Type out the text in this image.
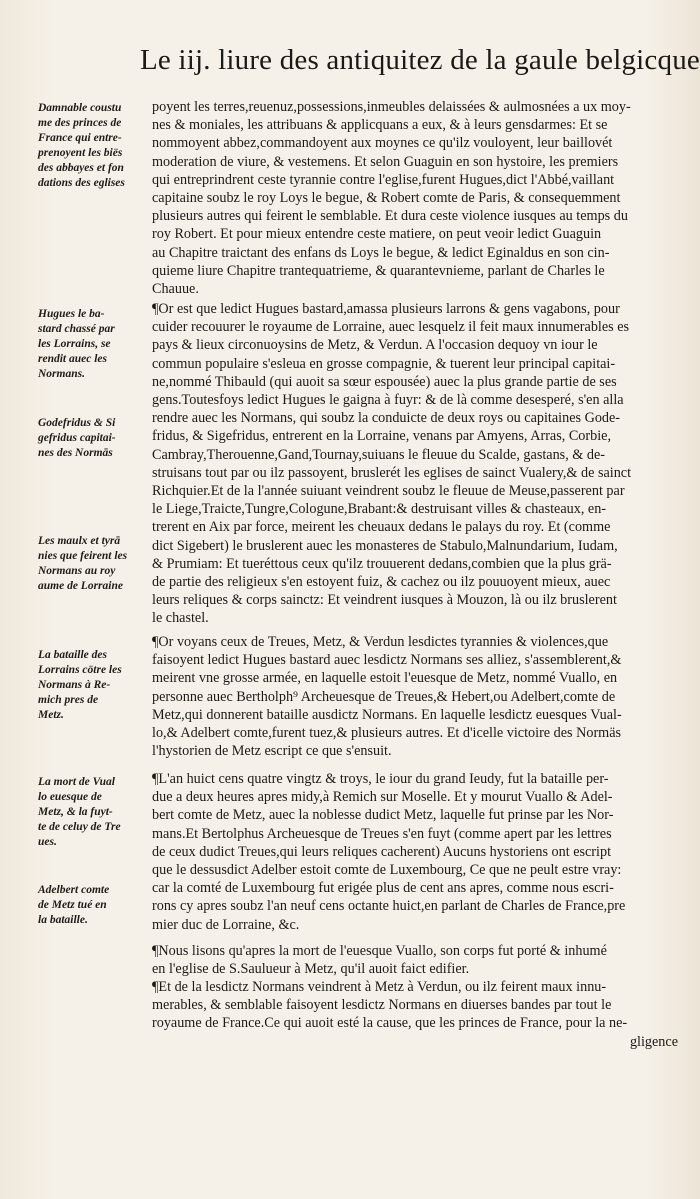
Le iij. liure des antiquitez de la gaule belgicque
Damnable coustu
me des princes de
France qui entre-
prenoyent les biës
des abbayes et fon
dations des eglises
Hugues le ba-
stard chassé par
les Lorrains, se
rendit auec les
Normans.
Godefridus & Si
gefridus capitai-
nes des Normās
Les maulx et tyrā
nies que feirent les
Normans au roy
aume de Lorraine
La bataille des
Lorrains cötre les
Normans à Re-
mich pres de
Metz.
La mort de Vual
lo euesque de
Metz, & la fuyt-
te de celuy de Tre
ues.
Adelbert comte
de Metz tué en
la bataille.
poyent les terres,reuenuz,possessions,inmeubles delaissées & aulmosnées a ux moy-
nes & moniales, les attribuans & applicquans a eux, & à leurs gensdarmes: Et se
nommoyent abbez,commandoyent aux moynes ce qu'ilz vouloyent, leur baillovét
moderation de viure, & vestemens. Et selon Guaguin en son hystoire, les premiers
qui entreprindrent ceste tyrannie contre l'eglise,furent Hugues,dict l'Abbé,vaillant
capitaine soubz le roy Loys le begue, & Robert comte de Paris, & consequemment
plusieurs autres qui feirent le semblable. Et dura ceste violence iusques au temps du
roy Robert. Et pour mieux entendre ceste matiere, on peut veoir ledict Guaguin
au Chapitre traictant des enfans ds Loys le begue, & ledict Eginaldus en son cin-
quieme liure Chapitre trantequatrieme, & quarantevnieme, parlant de Charles le
Chauue.
¶Or est que ledict Hugues bastard,amassa plusieurs larrons & gens vagabons, pour
cuider recouurer le royaume de Lorraine, auec lesquelz il feit maux innumerables es
pays & lieux circonuoysins de Metz, & Verdun. A l'occasion dequoy vn iour le
commun populaire s'esleua en grosse compagnie, & tuerent leur principal capitai-
ne,nommé Thibauld (qui auoit sa sœur espousée) auec la plus grande partie de ses
gens.Toutesfoys ledict Hugues le gaigna à fuyr: & de là comme desesperé, s'en alla
rendre auec les Normans, qui soubz la conduicte de deux roys ou capitaines Gode-
fridus, & Sigefridus, entrerent en la Lorraine, venans par Amyens, Arras, Corbie,
Cambray,Therouenne,Gand,Tournay,suiuans le fleuue du Scalde, gastans, & de-
struisans tout par ou ilz passoyent, bruslerét les eglises de sainct Vualery,& de sainct
Richquier.Et de la l'année suiuant veindrent soubz le fleuue de Meuse,passerent par
le Liege,Traicte,Tungre,Cologune,Brabant:& destruisant villes & chasteaux, en-
trerent en Aix par force, meirent les cheuaux dedans le palays du roy. Et (comme
dict Sigebert) le bruslerent auec les monasteres de Stabulo,Malnundarium, Iudam,
& Prumiam: Et tueréttous ceux qu'ilz trouuerent dedans,combien que la plus grä-
de partie des religieux s'en estoyent fuiz, & cachez ou ilz pouuoyent mieux, auec
leurs reliques & corps sainctz: Et veindrent iusques à Mouzon, là ou ilz bruslerent
le chastel.
¶Or voyans ceux de Treues, Metz, & Verdun lesdictes tyrannies & violences,que
faisoyent ledict Hugues bastard auec lesdictz Normans ses alliez, s'assemblerent,&
meirent vne grosse armée, en laquelle estoit l'euesque de Metz, nommé Vuallo, en
personne auec Bertholph⁹ Archeuesque de Treues,& Hebert,ou Adelbert,comte de
Metz,qui donnerent bataille ausdictz Normans. En laquelle lesdictz euesques Vual-
lo,& Adelbert comte,furent tuez,& plusieurs autres. Et d'icelle victoire des Normäs
l'hystorien de Metz escript ce que s'ensuit.
¶L'an huict cens quatre vingtz & troys, le iour du grand Ieudy, fut la bataille per-
due a deux heures apres midy,à Remich sur Moselle. Et y mourut Vuallo & Adel-
bert comte de Metz, auec la noblesse dudict Metz, laquelle fut prinse par les Nor-
mans.Et Bertolphus Archeuesque de Treues s'en fuyt (comme apert par les lettres
de ceux dudict Treues,qui leurs reliques cacherent) Aucuns hystoriens ont escript
que le dessusdict Adelber estoit comte de Luxembourg, Ce que ne peult estre vray:
car la comté de Luxembourg fut erigée plus de cent ans apres, comme nous escri-
rons cy apres soubz l'an neuf cens octante huict,en parlant de Charles de France,pre
mier duc de Lorraine, &c.
¶Nous lisons qu'apres la mort de l'euesque Vuallo, son corps fut porté & inhumé
en l'eglise de S.Saulueur à Metz, qu'il auoit faict edifier.
¶Et de la lesdictz Normans veindrent à Metz à Verdun, ou ilz feirent maux innu-
merables, & semblable faisoyent lesdictz Normans en diuerses bandes par tout le
royaume de France.Ce qui auoit esté la cause, que les princes de France, pour la ne-
gligence
